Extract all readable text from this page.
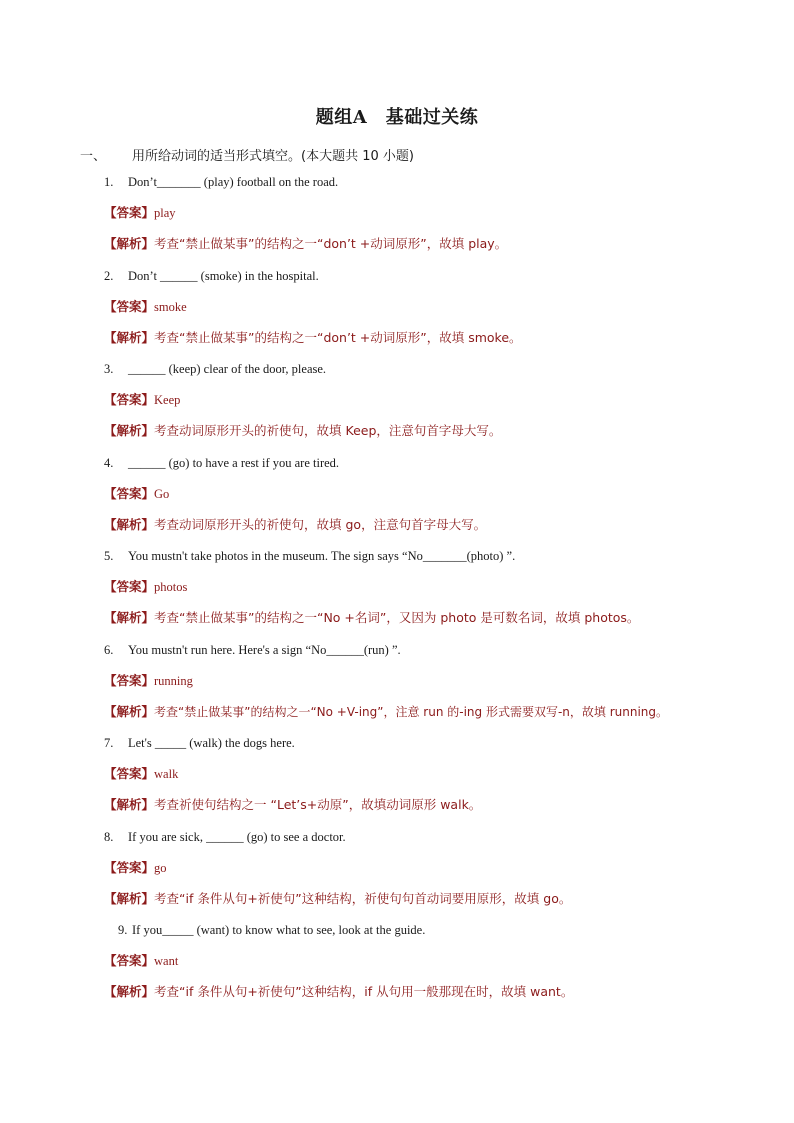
题组A　基础过关练
一、 用所给动词的适当形式填空。(本大题共 10 小题)
1. Don’t_______ (play) football on the road.
【答案】play
【解析】考查“禁止做某事”的结构之一“don’t +动词原形”，故填 play。
2. Don’t ______ (smoke) in the hospital.
【答案】smoke
【解析】考查“禁止做某事”的结构之一“don’t +动词原形”，故填 smoke。
3. ______ (keep) clear of the door, please.
【答案】Keep
【解析】考查动词原形开头的祈使句，故填 Keep，注意句首字母大写。
4. ______ (go) to have a rest if you are tired.
【答案】Go
【解析】考查动词原形开头的祈使句，故填 go，注意句首字母大写。
5. You mustn't take photos in the museum. The sign says “No_______(photo) ”.
【答案】photos
【解析】考查“禁止做某事”的结构之一“No +名词”，又因为 photo 是可数名词，故填 photos。
6. You mustn't run here. Here's a sign “No______(run) ”.
【答案】running
【解析】考查“禁止做某事”的结构之一“No +V-ing”，注意 run 的-ing 形式需要双写-n，故填 running。
7. Let's _____ (walk) the dogs here.
【答案】walk
【解析】考查祈使句结构之一 “Let’s+动原”，故填动词原形 walk。
8. If you are sick, ______ (go) to see a doctor.
【答案】go
【解析】考查“if 条件从句+祈使句”这种结构，祈使句句首动词要用原形，故填 go。
9. If you_____ (want) to know what to see, look at the guide.
【答案】want
【解析】考查“if 条件从句+祈使句”这种结构，if 从句用一般那现在时，故填 want。
